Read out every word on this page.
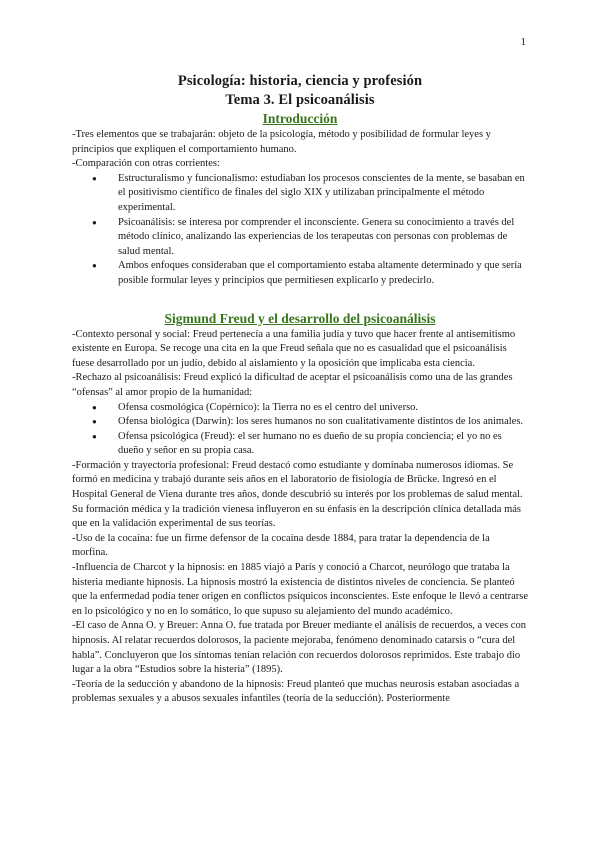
1
Psicología: historia, ciencia y profesión
Tema 3. El psicoanálisis
Introducción

-Tres elementos que se trabajarán: objeto de la psicología, método y posibilidad de formular leyes y principios que expliquen el comportamiento humano.

-Comparación con otras corrientes:

● Estructuralismo y funcionalismo: estudiaban los procesos conscientes de la mente, se basaban en el positivismo científico de finales del siglo XIX y utilizaban principalmente el método experimental.
● Psicoanálisis: se interesa por comprender el inconsciente. Genera su conocimiento a través del método clínico, analizando las experiencias de los terapeutas con personas con problemas de salud mental.
● Ambos enfoques consideraban que el comportamiento estaba altamente determinado y que sería posible formular leyes y principios que permitiesen explicarlo y predecirlo.
Sigmund Freud y el desarrollo del psicoanálisis

-Contexto personal y social: Freud pertenecía a una familia judía y tuvo que hacer frente al antisemitismo existente en Europa. Se recoge una cita en la que Freud señala que no es casualidad que el psicoanálisis fuese desarrollado por un judío, debido al aislamiento y la oposición que implicaba esta ciencia.

-Rechazo al psicoanálisis: Freud explicó la dificultad de aceptar el psicoanálisis como una de las grandes “ofensas” al amor propio de la humanidad:

● Ofensa cosmológica (Copérnico): la Tierra no es el centro del universo.
● Ofensa biológica (Darwin): los seres humanos no son cualitativamente distintos de los animales.
● Ofensa psicológica (Freud): el ser humano no es dueño de su propia conciencia; el yo no es dueño y señor en su propia casa.

-Formación y trayectoria profesional: Freud destacó como estudiante y dominaba numerosos idiomas. Se formó en medicina y trabajó durante seis años en el laboratorio de fisiología de Brücke. Ingresó en el Hospital General de Viena durante tres años, donde descubrió su interés por los problemas de salud mental. Su formación médica y la tradición vienesa influyeron en su énfasis en la descripción clínica detallada más que en la validación experimental de sus teorías.

-Uso de la cocaína: fue un firme defensor de la cocaína desde 1884, para tratar la dependencia de la morfina.

-Influencia de Charcot y la hipnosis: en 1885 viajó a París y conoció a Charcot, neurólogo que trataba la histeria mediante hipnosis. La hipnosis mostró la existencia de distintos niveles de conciencia. Se planteó que la enfermedad podía tener origen en conflictos psíquicos inconscientes. Este enfoque le llevó a centrarse en lo psicológico y no en lo somático, lo que supuso su alejamiento del mundo académico.

-El caso de Anna O. y Breuer: Anna O. fue tratada por Breuer mediante el análisis de recuerdos, a veces con hipnosis. Al relatar recuerdos dolorosos, la paciente mejoraba, fenómeno denominado catarsis o “cura del habla”. Concluyeron que los síntomas tenían relación con recuerdos dolorosos reprimidos. Este trabajo dio lugar a la obra “Estudios sobre la histeria” (1895).

-Teoría de la seducción y abandono de la hipnosis: Freud planteó que muchas neurosis estaban asociadas a problemas sexuales y a abusos sexuales infantiles (teoría de la seducción). Posteriormente
